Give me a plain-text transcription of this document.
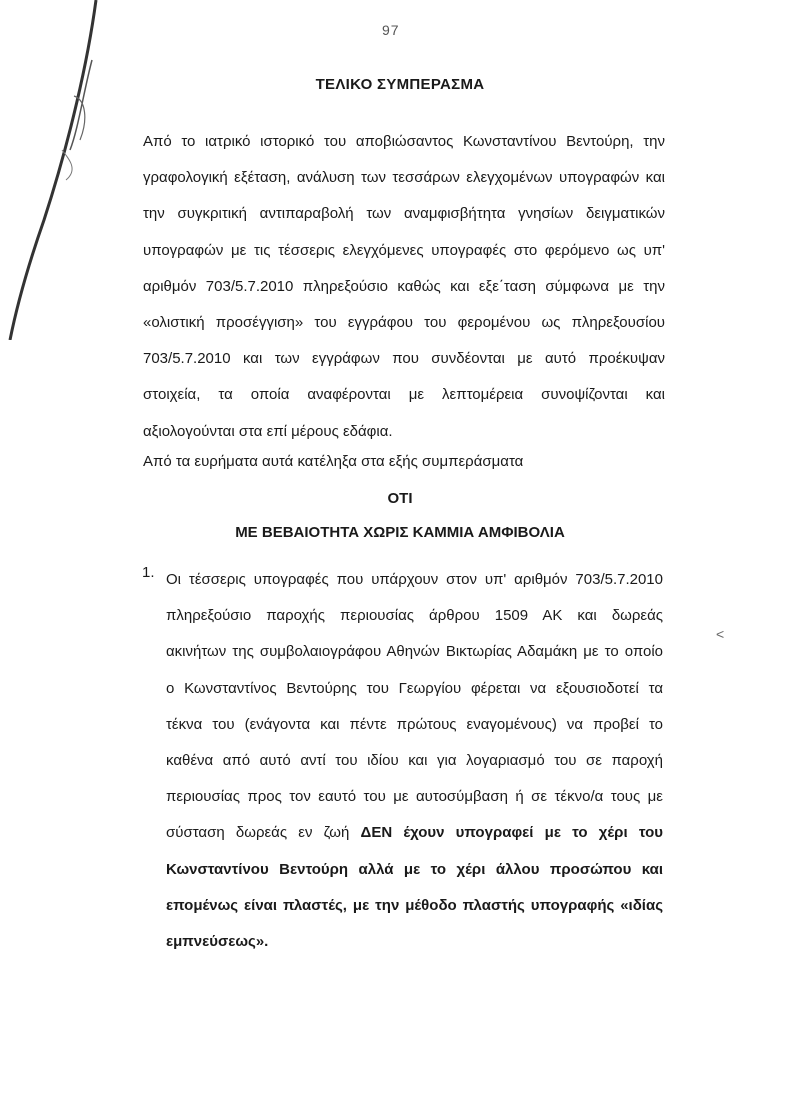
97
ΤΕΛΙΚΟ ΣΥΜΠΕΡΑΣΜΑ
Από το ιατρικό ιστορικό του αποβιώσαντος Κωνσταντίνου Βεντούρη, την
γραφολογική εξέταση, ανάλυση των τεσσάρων ελεγχομένων υπογραφών και
την συγκριτική αντιπαραβολή των αναμφισβήτητα γνησίων δειγματικών
υπογραφών με τις τέσσερις ελεγχόμενες υπογραφές στο φερόμενο ως υπ'
αριθμόν 703/5.7.2010 πληρεξούσιο καθώς και εξε΄ταση σύμφωνα με την
«ολιστική προσέγγιση» του εγγράφου του φερομένου ως πληρεξουσίου
703/5.7.2010 και των εγγράφων που συνδέονται με αυτό προέκυψαν
στοιχεία, τα οποία αναφέρονται με λεπτομέρεια συνοψίζονται και
αξιολογούνται στα επί μέρους εδάφια.
Από τα ευρήματα αυτά κατέληξα στα εξής συμπεράσματα
ΟΤΙ
ΜΕ ΒΕΒΑΙΟΤΗΤΑ ΧΩΡΙΣ ΚΑΜΜΙΑ ΑΜΦΙΒΟΛΙΑ
1. Οι τέσσερις υπογραφές που υπάρχουν στον υπ' αριθμόν 703/5.7.2010
πληρεξούσιο παροχής περιουσίας άρθρου 1509 ΑΚ και δωρεάς
ακινήτων της συμβολαιογράφου Αθηνών Βικτωρίας Αδαμάκη με το οποίο
ο Κωνσταντίνος Βεντούρης του Γεωργίου φέρεται να εξουσιοδοτεί τα
τέκνα του (ενάγοντα και πέντε πρώτους εναγομένους) να προβεί το
καθένα από αυτό αντί του ιδίου και για λογαριασμό του σε παροχή
περιουσίας προς τον εαυτό του με αυτοσύμβαση ή σε τέκνο/α τους με
σύσταση δωρεάς εν ζωή ΔΕΝ έχουν υπογραφεί με το χέρι του
Κωνσταντίνου Βεντούρη αλλά με το χέρι άλλου προσώπου και
επομένως είναι πλαστές, με την μέθοδο πλαστής υπογραφής «ιδίας
εμπνεύσεως».
˂
